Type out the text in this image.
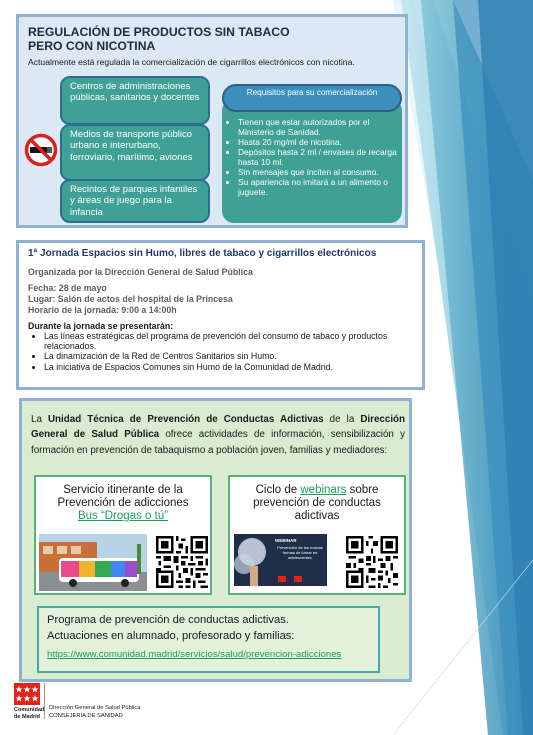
REGULACIÓN DE PRODUCTOS SIN TABACO
PERO CON NICOTINA
Actualmente está regulada la comercialización de cigarrillos electrónicos con nicotina.
Centros de administraciones públicas, sanitarios y docentes
Medios de transporte público urbano e interurbano, ferroviario, marítimo, aviones
Recintos de parques infantiles y áreas de juego para la infancia
• Tienen que estar autorizados por el Ministerio de Sanidad.
• Hasta 20 mg/ml de nicotina.
• Depósitos hasta 2 ml / envases de recarga hasta 10 ml.
• Sin mensajes que inciten al consumo.
• Su apariencia no imitará a un alimento o juguete.
Requisitos para su comercialización

1ª Jornada Espacios sin Humo, libres de tabaco y cigarrillos electrónicos

Organizada por la Dirección General de Salud Pública

Fecha: 28 de mayo

Lugar: Salón de actos del hospital de la Princesa

Horario de la jornada: 9:00 a 14:00h

Durante la jornada se presentarán:

• Las líneas estratégicas del programa de prevención del consumo de tabaco y productos relacionados.
• La dinamización de la Red de Centros Sanitarios sin Humo.
• La iniciativa de Espacios Comunes sin Humo de la Comunidad de Madrid.
La Unidad Técnica de Prevención de Conductas Adictivas de la Dirección General de Salud Pública ofrece actividades de información, sensibilización y formación en prevención de tabaquismo a población joven, familias y mediadores:
Servicio itinerante de la
Prevención de adicciones
Bus “Drogas o tú”
Ciclo de webinars sobre prevención de conductas adictivas
WEBINAR
Prevención de las nuevas formas de fumar en adolescentes

Programa de prevención de conductas adictivas.

Actuaciones en alumnado, profesorado y familias:

https://www.comunidad.madrid/servicios/salud/prevencion-adicciones

Comunidad
de Madrid
Dirección General de Salud Pública
CONSEJERÍA DE SANIDAD
